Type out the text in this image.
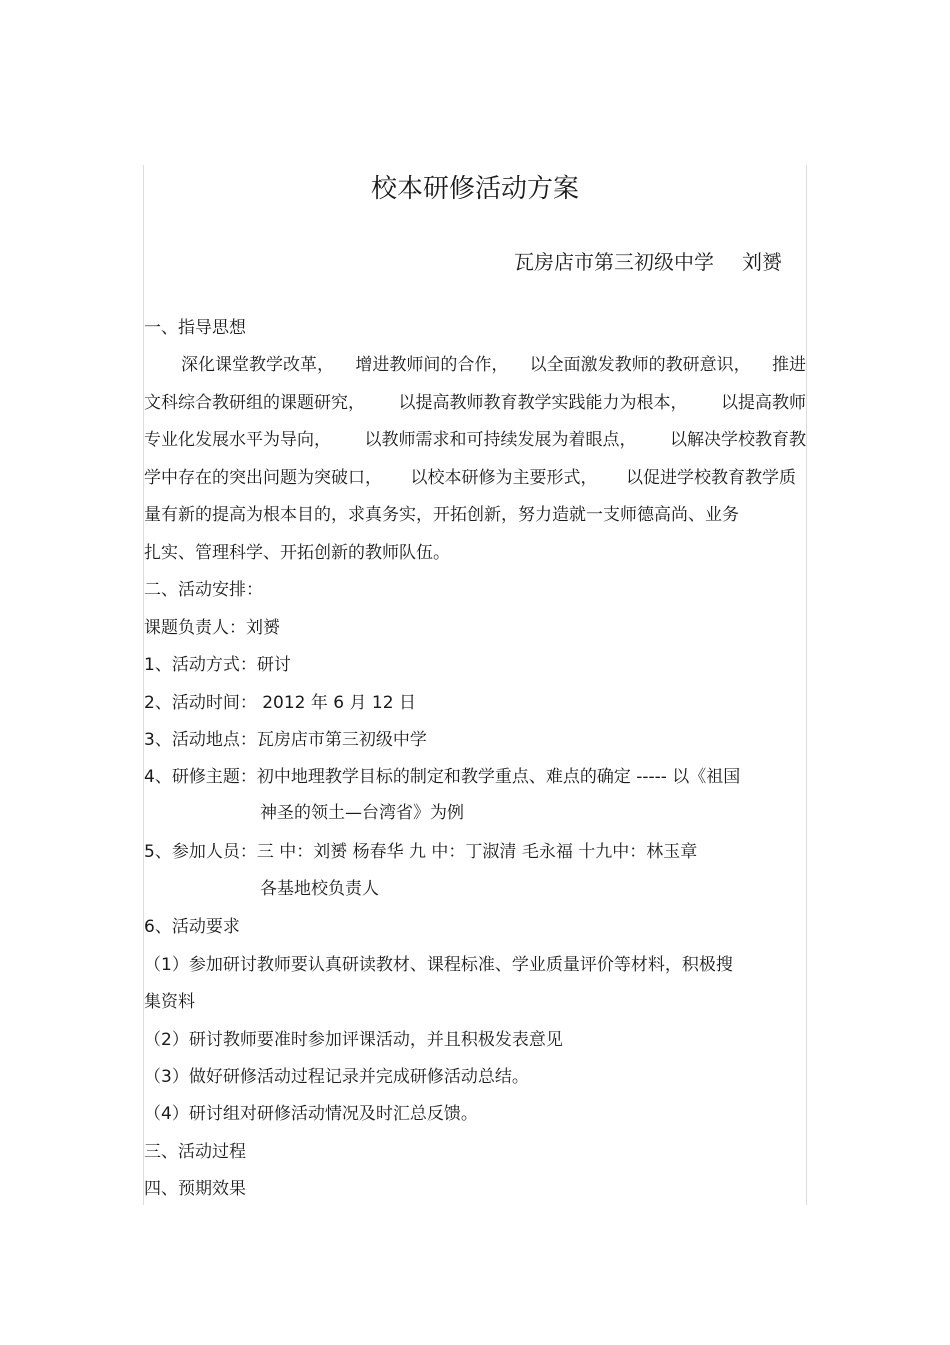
校本研修活动方案
瓦房店市第三初级中学 刘赟
一、指导思想
深化课堂教学改革， 增进教师间的合作， 以全面激发教师的教研意识， 推进
文科综合教研组的课题研究， 以提高教师教育教学实践能力为根本， 以提高教师
专业化发展水平为导向， 以教师需求和可持续发展为着眼点， 以解决学校教育教
学中存在的突出问题为突破口， 以校本研修为主要形式， 以促进学校教育教学质
量有新的提高为根本目的，求真务实，开拓创新，努力造就一支师德高尚、业务
扎实、管理科学、开拓创新的教师队伍。
二、活动安排：
课题负责人：刘赟
1、活动方式：研讨
2、活动时间： 2012 年 6 月 12 日
3、活动地点：瓦房店市第三初级中学
4、研修主题：初中地理教学目标的制定和教学重点、难点的确定 ----- 以《祖国
神圣的领土—台湾省》为例
5、参加人员：三 中：刘赟 杨春华 九 中：丁淑清 毛永福 十九中：林玉章
各基地校负责人
6、活动要求
（1）参加研讨教师要认真研读教材、课程标准、学业质量评价等材料，积极搜
集资料
（2）研讨教师要准时参加评课活动，并且积极发表意见
（3）做好研修活动过程记录并完成研修活动总结。
（4）研讨组对研修活动情况及时汇总反馈。
三、活动过程
四、预期效果
